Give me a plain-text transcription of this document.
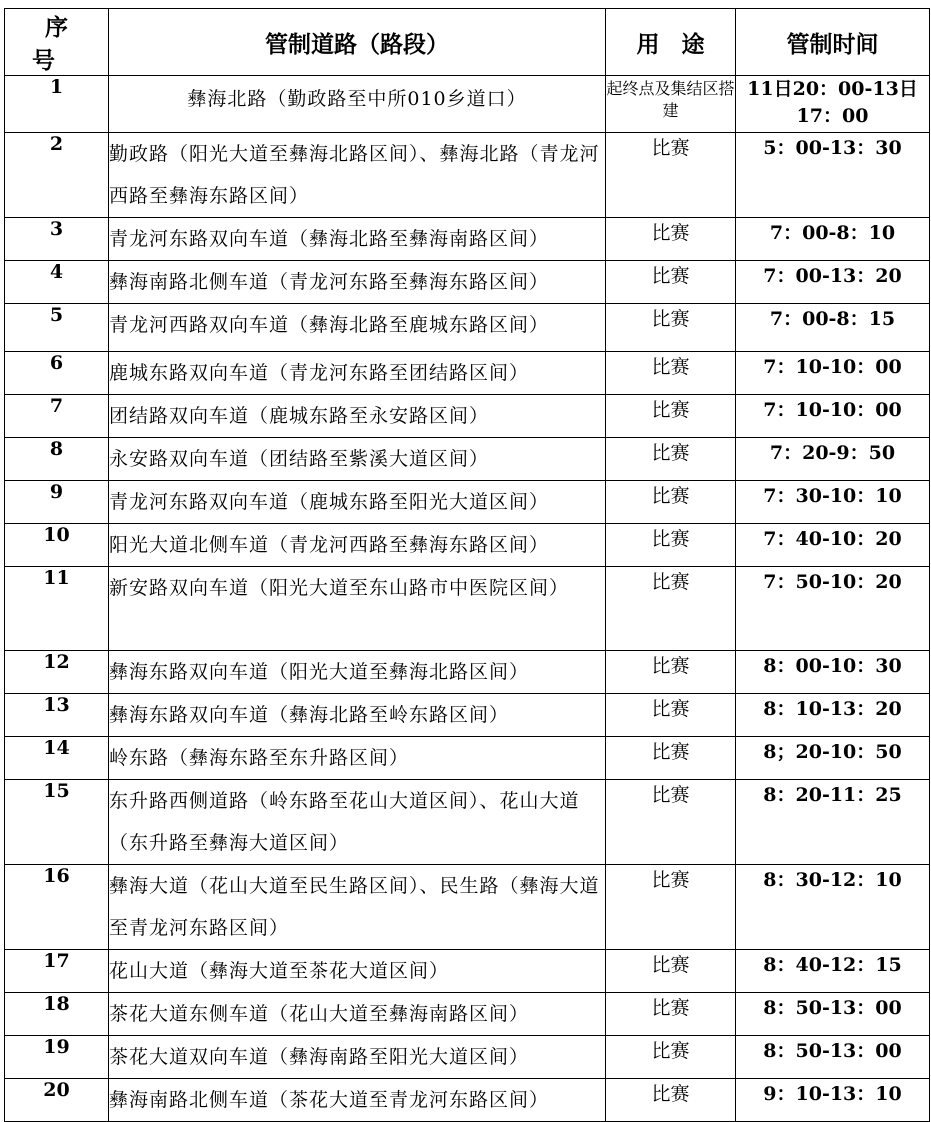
序号	管制道路（路段）	用途	管制时间
1	彝海北路（勤政路至中所010乡道口）	起终点及集结区搭建	11日20：00-13日17：00
2	勤政路（阳光大道至彝海北路区间）、彝海北路（青龙河西路至彝海东路区间）	比赛	5：00-13：30
3	青龙河东路双向车道（彝海北路至彝海南路区间）	比赛	7：00-8：10
4	彝海南路北侧车道（青龙河东路至彝海东路区间）	比赛	7：00-13：20
5	青龙河西路双向车道（彝海北路至鹿城东路区间）	比赛	7：00-8：15
6	鹿城东路双向车道（青龙河东路至团结路区间）	比赛	7：10-10：00
7	团结路双向车道（鹿城东路至永安路区间）	比赛	7：10-10：00
8	永安路双向车道（团结路至紫溪大道区间）	比赛	7：20-9：50
9	青龙河东路双向车道（鹿城东路至阳光大道区间）	比赛	7：30-10：10
10	阳光大道北侧车道（青龙河西路至彝海东路区间）	比赛	7：40-10：20
11	新安路双向车道（阳光大道至东山路市中医院区间）	比赛	7：50-10：20
12	彝海东路双向车道（阳光大道至彝海北路区间）	比赛	8：00-10：30
13	彝海东路双向车道（彝海北路至岭东路区间）	比赛	8：10-13：20
14	岭东路（彝海东路至东升路区间）	比赛	8；20-10：50
15	东升路西侧道路（岭东路至花山大道区间）、花山大道（东升路至彝海大道区间）	比赛	8：20-11：25
16	彝海大道（花山大道至民生路区间）、民生路（彝海大道至青龙河东路区间）	比赛	8：30-12：10
17	花山大道（彝海大道至茶花大道区间）	比赛	8：40-12：15
18	茶花大道东侧车道（花山大道至彝海南路区间）	比赛	8：50-13：00
19	茶花大道双向车道（彝海南路至阳光大道区间）	比赛	8：50-13：00
20	彝海南路北侧车道（茶花大道至青龙河东路区间）	比赛	9：10-13：10
